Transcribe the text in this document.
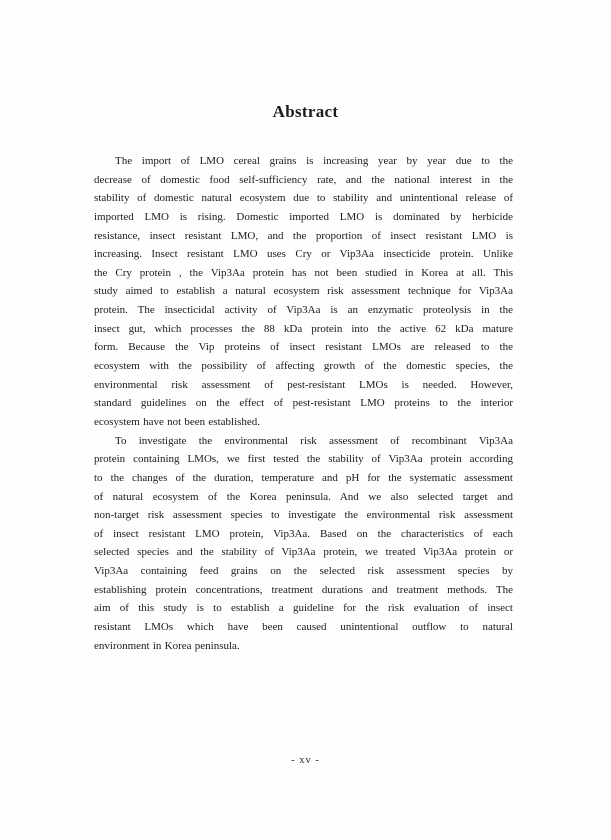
Abstract
The import of LMO cereal grains is increasing year by year due to the
decrease of domestic food self-sufficiency rate, and the national interest in the
stability of domestic natural ecosystem due to stability and unintentional release of
imported LMO is rising. Domestic imported LMO is dominated by herbicide
resistance, insect resistant LMO, and the proportion of insect resistant LMO is
increasing. Insect resistant LMO uses Cry or Vip3Aa insecticide protein. Unlike
the Cry protein , the Vip3Aa protein has not been studied in Korea at all. This
study aimed to establish a natural ecosystem risk assessment technique for Vip3Aa
protein. The insecticidal activity of Vip3Aa is an enzymatic proteolysis in the
insect gut, which processes the 88 kDa protein into the active 62 kDa mature
form. Because the Vip proteins of insect resistant LMOs are released to the
ecosystem with the possibility of affecting growth of the domestic species, the
environmental risk assessment of pest-resistant LMOs is needed. However,
standard guidelines on the effect of pest-resistant LMO proteins to the interior
ecosystem have not been established.
To investigate the environmental risk assessment of recombinant Vip3Aa
protein containing LMOs, we first tested the stability of Vip3Aa protein according
to the changes of the duration, temperature and pH for the systematic assessment
of natural ecosystem of the Korea peninsula. And we also selected target and
non-target risk assessment species to investigate the environmental risk assessment
of insect resistant LMO protein, Vip3Aa. Based on the characteristics of each
selected species and the stability of Vip3Aa protein, we treated Vip3Aa protein or
Vip3Aa containing feed grains on the selected risk assessment species by
establishing protein concentrations, treatment durations and treatment methods. The
aim of this study is to establish a guideline for the risk evaluation of insect
resistant LMOs which have been caused unintentional outflow to natural
environment in Korea peninsula.
- xv -
